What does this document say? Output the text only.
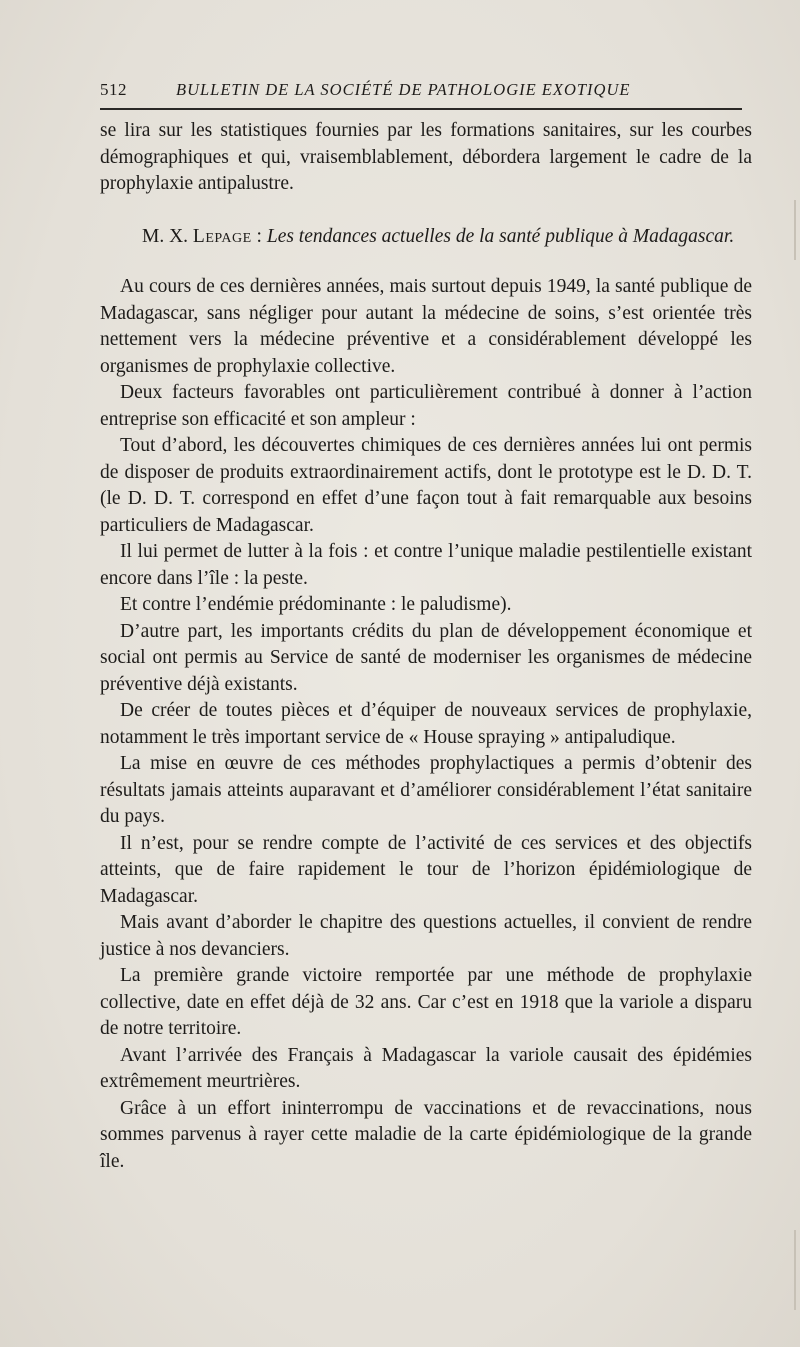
512	BULLETIN DE LA SOCIÉTÉ DE PATHOLOGIE EXOTIQUE

se lira sur les statistiques fournies par les formations sanitaires, sur les courbes démographiques et qui, vraisemblablement, débordera largement le cadre de la prophylaxie antipalustre.

M. X. Lepage : Les tendances actuelles de la santé publique à Madagascar.

Au cours de ces dernières années, mais surtout depuis 1949, la santé publique de Madagascar, sans négliger pour autant la médecine de soins, s’est orientée très nettement vers la médecine préventive et a considérablement développé les organismes de prophylaxie collective.

Deux facteurs favorables ont particulièrement contribué à donner à l’action entreprise son efficacité et son ampleur :

Tout d’abord, les découvertes chimiques de ces dernières années lui ont permis de disposer de produits extraordinairement actifs, dont le prototype est le D. D. T. (le D. D. T. correspond en effet d’une façon tout à fait remarquable aux besoins particuliers de Madagascar.

Il lui permet de lutter à la fois : et contre l’unique maladie pestilentielle existant encore dans l’île : la peste.

Et contre l’endémie prédominante : le paludisme).

D’autre part, les importants crédits du plan de développement économique et social ont permis au Service de santé de moderniser les organismes de médecine préventive déjà existants.

De créer de toutes pièces et d’équiper de nouveaux services de prophylaxie, notamment le très important service de « House spraying » antipaludique.

La mise en œuvre de ces méthodes prophylactiques a permis d’obtenir des résultats jamais atteints auparavant et d’améliorer considérablement l’état sanitaire du pays.

Il n’est, pour se rendre compte de l’activité de ces services et des objectifs atteints, que de faire rapidement le tour de l’horizon épidémiologique de Madagascar.

Mais avant d’aborder le chapitre des questions actuelles, il convient de rendre justice à nos devanciers.

La première grande victoire remportée par une méthode de prophylaxie collective, date en effet déjà de 32 ans. Car c’est en 1918 que la variole a disparu de notre territoire.

Avant l’arrivée des Français à Madagascar la variole causait des épidémies extrêmement meurtrières.

Grâce à un effort ininterrompu de vaccinations et de revaccinations, nous sommes parvenus à rayer cette maladie de la carte épidémiologique de la grande île.
